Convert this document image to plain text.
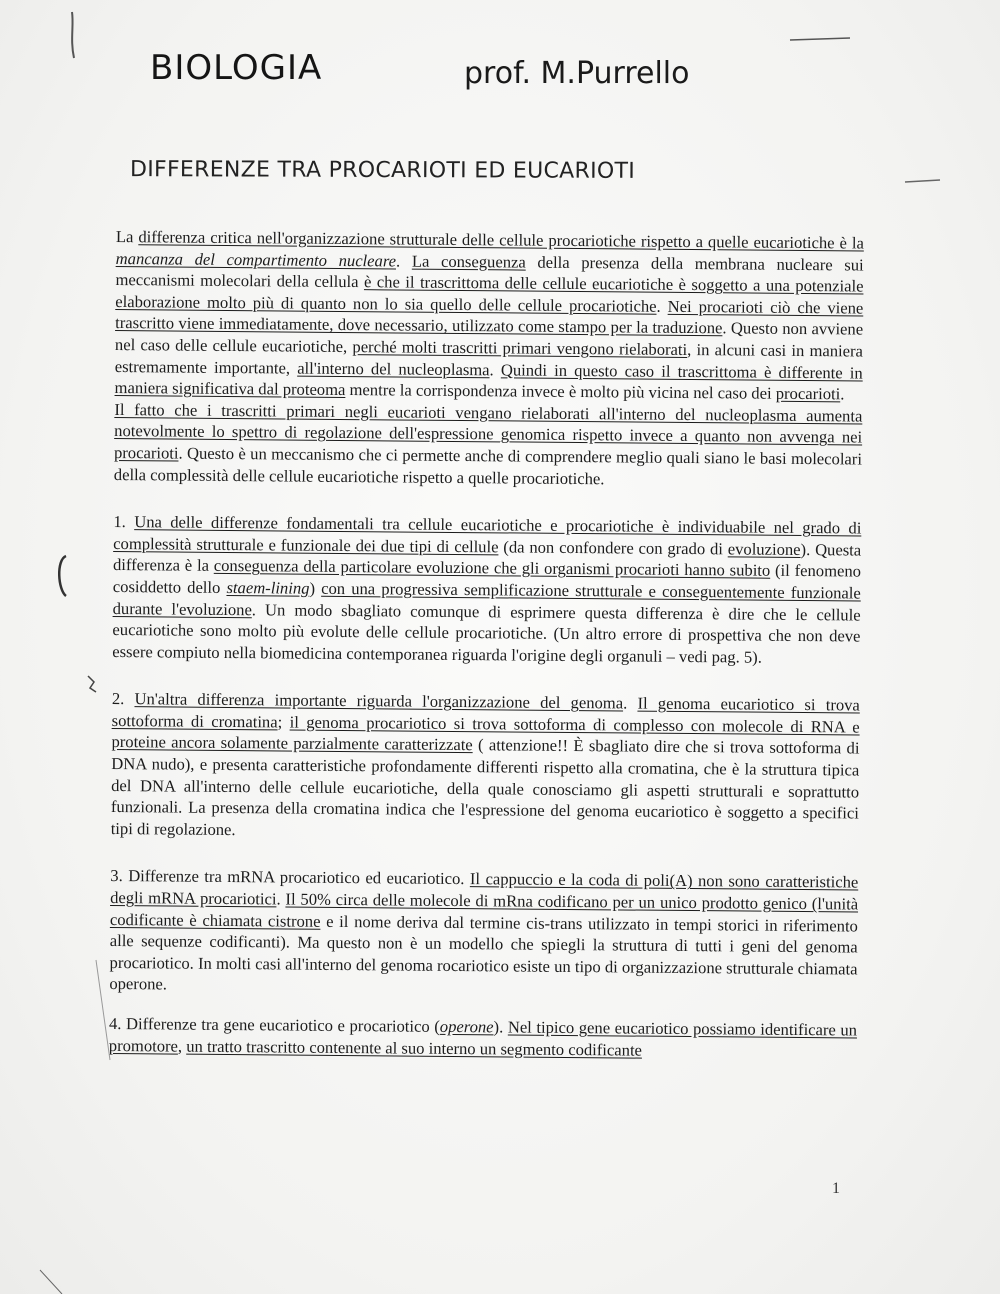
BIOLOGIA	prof. M.Purrello
DIFFERENZE TRA PROCARIOTI ED EUCARIOTI

La differenza critica nell'organizzazione strutturale delle cellule procariotiche rispetto a quelle eucariotiche è la mancanza del compartimento nucleare. La conseguenza della presenza della membrana nucleare sui meccanismi molecolari della cellula è che il trascrittoma delle cellule eucariotiche è soggetto a una potenziale elaborazione molto più di quanto non lo sia quello delle cellule procariotiche. Nei procarioti ciò che viene trascritto viene immediatamente, dove necessario, utilizzato come stampo per la traduzione. Questo non avviene nel caso delle cellule eucariotiche, perché molti trascritti primari vengono rielaborati, in alcuni casi in maniera estremamente importante, all'interno del nucleoplasma. Quindi in questo caso il trascrittoma è differente in maniera significativa dal proteoma mentre la corrispondenza invece è molto più vicina nel caso dei procarioti.

Il fatto che i trascritti primari negli eucarioti vengano rielaborati all'interno del nucleoplasma aumenta notevolmente lo spettro di regolazione dell'espressione genomica rispetto invece a quanto non avvenga nei procarioti. Questo è un meccanismo che ci permette anche di comprendere meglio quali siano le basi molecolari della complessità delle cellule eucariotiche rispetto a quelle procariotiche.

1. Una delle differenze fondamentali tra cellule eucariotiche e procariotiche è individuabile nel grado di complessità strutturale e funzionale dei due tipi di cellule (da non confondere con grado di evoluzione). Questa differenza è la conseguenza della particolare evoluzione che gli organismi procarioti hanno subito (il fenomeno cosiddetto dello staem-lining) con una progressiva semplificazione strutturale e conseguentemente funzionale durante l'evoluzione. Un modo sbagliato comunque di esprimere questa differenza è dire che le cellule eucariotiche sono molto più evolute delle cellule procariotiche. (Un altro errore di prospettiva che non deve essere compiuto nella biomedicina contemporanea riguarda l'origine degli organuli – vedi pag. 5).

2. Un'altra differenza importante riguarda l'organizzazione del genoma. Il genoma eucariotico si trova sottoforma di cromatina; il genoma procariotico si trova sottoforma di complesso con molecole di RNA e proteine ancora solamente parzialmente caratterizzate ( attenzione!! È sbagliato dire che si trova sottoforma di DNA nudo), e presenta caratteristiche profondamente differenti rispetto alla cromatina, che è la struttura tipica del DNA all'interno delle cellule eucariotiche, della quale conosciamo gli aspetti strutturali e soprattutto funzionali. La presenza della cromatina indica che l'espressione del genoma eucariotico è soggetto a specifici tipi di regolazione.

3. Differenze tra mRNA procariotico ed eucariotico. Il cappuccio e la coda di poli(A) non sono caratteristiche degli mRNA procariotici. Il 50% circa delle molecole di mRna codificano per un unico prodotto genico (l'unità codificante è chiamata cistrone e il nome deriva dal termine cis-trans utilizzato in tempi storici in riferimento alle sequenze codificanti). Ma questo non è un modello che spiegli la struttura di tutti i geni del genoma procariotico. In molti casi all'interno del genoma rocariotico esiste un tipo di organizzazione strutturale chiamata operone.

4. Differenze tra gene eucariotico e procariotico (operone). Nel tipico gene eucariotico possiamo identificare un promotore, un tratto trascritto contenente al suo interno un segmento codificante

1
